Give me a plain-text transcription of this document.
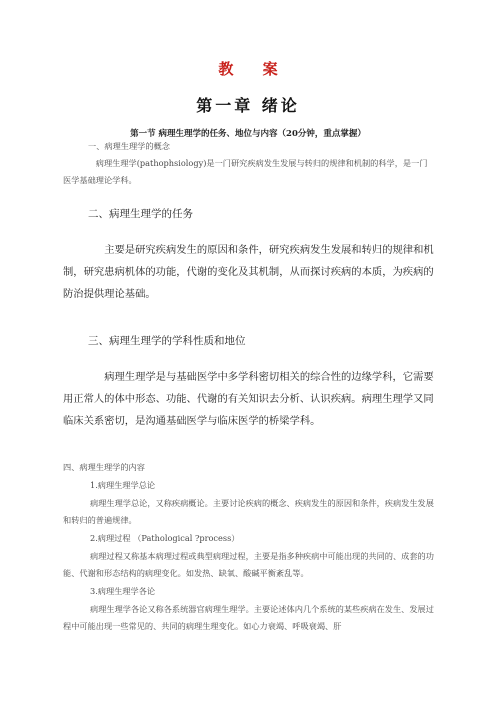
教 案
第一章 绪论
第一节 病理生理学的任务、地位与内容（20分钟，重点掌握）
一、病理生理学的概念
病理生理学(pathophsiology)是一门研究疾病发生发展与转归的规律和机制的科学，是一门医学基础理论学科。
二、病理生理学的任务
主要是研究疾病发生的原因和条件，研究疾病发生发展和转归的规律和机制，研究患病机体的功能，代谢的变化及其机制，从而探讨疾病的本质，为疾病的防治提供理论基础。
三、病理生理学的学科性质和地位
病理生理学是与基础医学中多学科密切相关的综合性的边缘学科，它需要用正常人的体中形态、功能、代谢的有关知识去分析、认识疾病。病理生理学又同临床关系密切，是沟通基础医学与临床医学的桥梁学科。
四、病理生理学的内容
1.病理生理学总论
病理生理学总论，又称疾病概论。主要讨论疾病的概念、疾病发生的原因和条件，疾病发生发展和转归的普遍规律。
2.病理过程 （Pathological ?process）
病理过程又称基本病理过程或典型病理过程，主要是指多种疾病中可能出现的共同的、成套的功能、代谢和形态结构的病理变化。如发热、缺氧、酸碱平衡紊乱等。
3.病理生理学各论
病理生理学各论又称各系统器官病理生理学。主要论述体内几个系统的某些疾病在发生、发展过程中可能出现一些常见的、共同的病理生理变化。如心力衰竭、呼吸衰竭、肝
